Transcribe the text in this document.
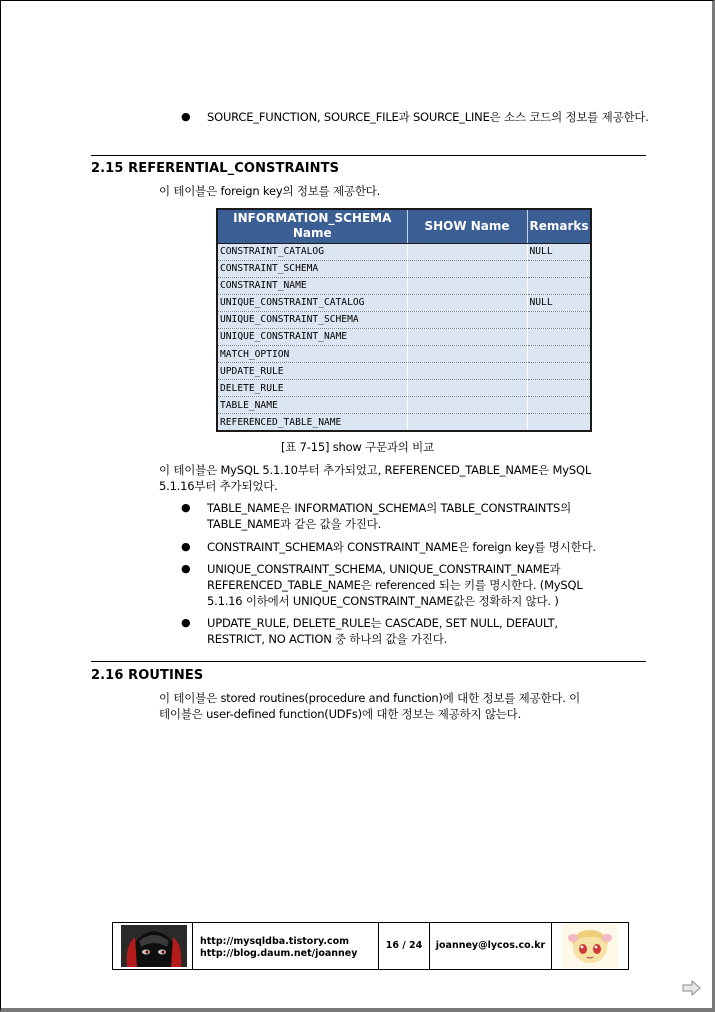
● SOURCE_FUNCTION, SOURCE_FILE과 SOURCE_LINE은 소스 코드의 정보를 제공한다.
2.15 REFERENTIAL_CONSTRAINTS
이 테이블은 foreign key의 정보를 제공한다.
INFORMATION_SCHEMA Name	SHOW Name	Remarks
CONSTRAINT_CATALOG		NULL
CONSTRAINT_SCHEMA		
CONSTRAINT_NAME		
UNIQUE_CONSTRAINT_CATALOG		NULL
UNIQUE_CONSTRAINT_SCHEMA		
UNIQUE_CONSTRAINT_NAME		
MATCH_OPTION		
UPDATE_RULE		
DELETE_RULE		
TABLE_NAME		
REFERENCED_TABLE_NAME		
[표 7-15] show 구문과의 비교
이 테이블은 MySQL 5.1.10부터 추가되었고, REFERENCED_TABLE_NAME은 MySQL
5.1.16부터 추가되었다.
● TABLE_NAME은 INFORMATION_SCHEMA의 TABLE_CONSTRAINTS의
TABLE_NAME과 같은 값을 가진다.
● CONSTRAINT_SCHEMA와 CONSTRAINT_NAME은 foreign key를 명시한다.
● UNIQUE_CONSTRAINT_SCHEMA, UNIQUE_CONSTRAINT_NAME과
REFERENCED_TABLE_NAME은 referenced 되는 키를 명시한다. (MySQL
5.1.16 이하에서 UNIQUE_CONSTRAINT_NAME값은 정확하지 않다. )
● UPDATE_RULE, DELETE_RULE는 CASCADE, SET NULL, DEFAULT,
RESTRICT, NO ACTION 중 하나의 값을 가진다.
2.16 ROUTINES
이 테이블은 stored routines(procedure and function)에 대한 정보를 제공한다. 이
테이블은 user-defined function(UDFs)에 대한 정보는 제공하지 않는다.
http://mysqldba.tistory.com
http://blog.daum.net/joanney
16 / 24	joanney@lycos.co.kr
